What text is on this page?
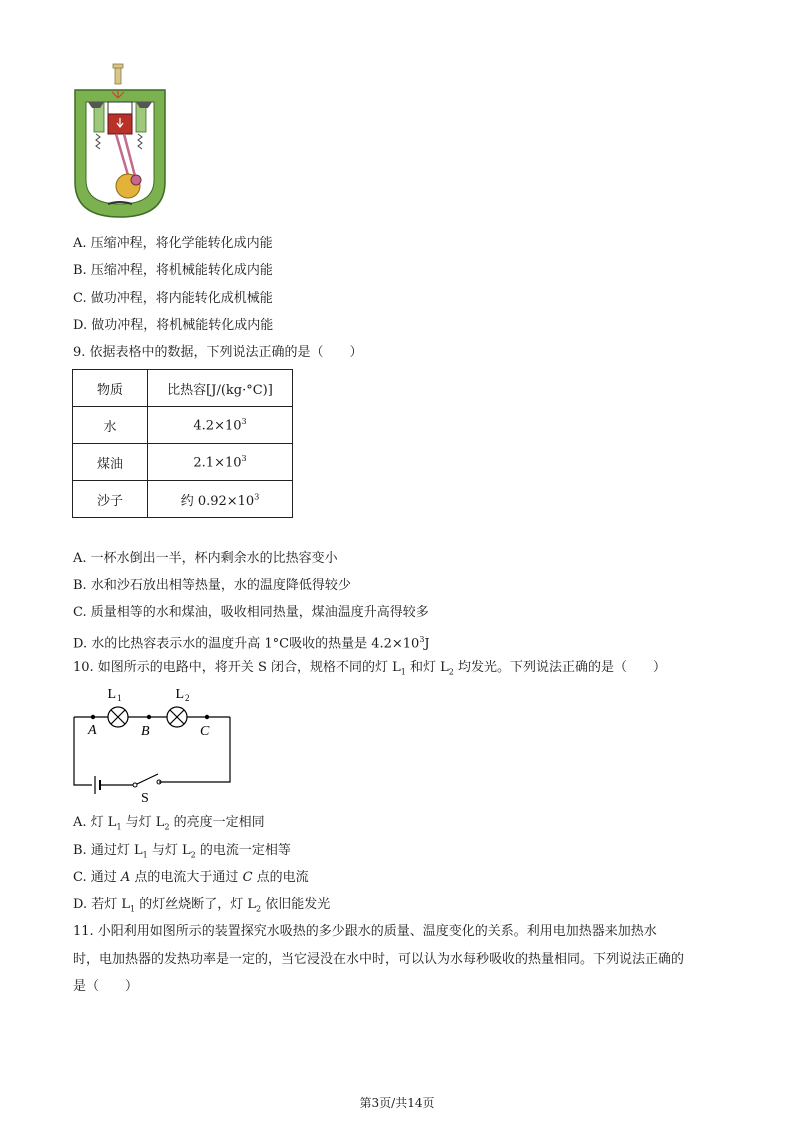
A. 压缩冲程，将化学能转化成内能
B. 压缩冲程，将机械能转化成内能
C. 做功冲程，将内能转化成机械能
D. 做功冲程，将机械能转化成内能
9. 依据表格中的数据，下列说法正确的是（　　）
物质	比热容[J/(kg·°C)]
水	$4.2\times 10^3$
煤油	$2.1\times 10^3$
沙子	约 $0.92\times 10^3$
A. 一杯水倒出一半，杯内剩余水的比热容变小
B. 水和沙石放出相等热量，水的温度降低得较少
C. 质量相等的水和煤油，吸收相同热量，煤油温度升高得较多
D. 水的比热容表示水的温度升高 1°C吸收的热量是 $4.2\times 10^3J$
10. 如图所示的电路中，将开关 S 闭合，规格不同的灯 $L_1$ 和灯 $L_2$ 均发光。下列说法正确的是（　　）
L 1	L 2
A	B	C
S
A. 灯 $L_1$ 与灯 $L_2$ 的亮度一定相同
B. 通过灯 $L_1$ 与灯 $L_2$ 的电流一定相等
C. 通过 A 点的电流大于通过 C 点的电流
D. 若灯 $L_1$ 的灯丝烧断了，灯 $L_2$ 依旧能发光
11. 小阳利用如图所示的装置探究水吸热的多少跟水的质量、温度变化的关系。利用电加热器来加热水
时，电加热器的发热功率是一定的，当它浸没在水中时，可以认为水每秒吸收的热量相同。下列说法正确的
是（　　）
第3页/共14页
